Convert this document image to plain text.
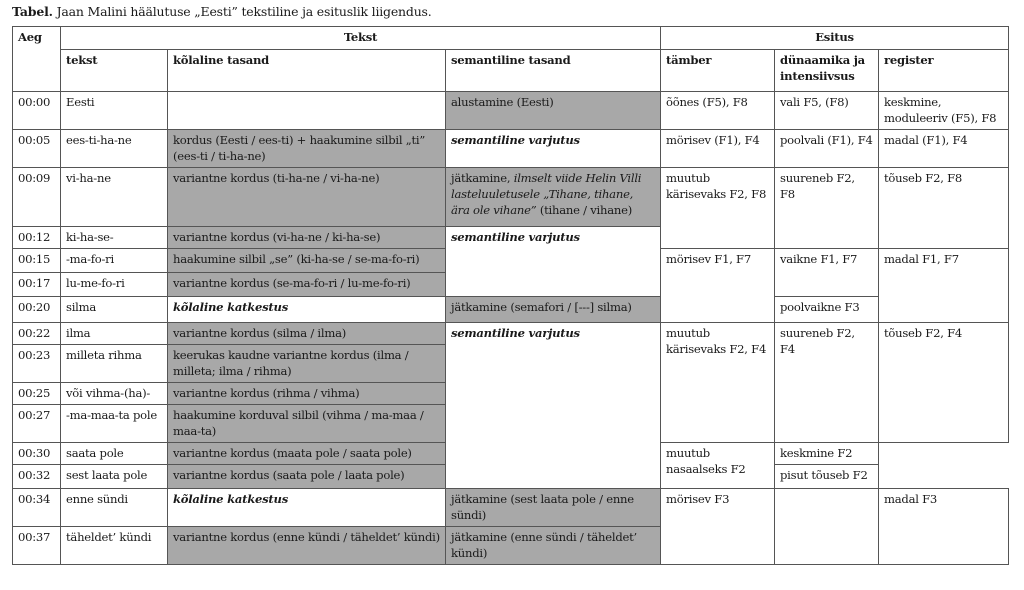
Tabel. Jaan Malini häälutuse „Eesti” tekstiline ja esituslik liigendus.
Aeg	Tekst			Esitus		
	tekst	kõlaline tasand	semantiline tasand	tämber	dünaamika ja intensiivsus	register
00:00	Eesti		alustamine (Eesti)	õõnes (F5), F8	vali F5, (F8)	keskmine, moduleeriv (F5), F8
00:05	ees-ti-ha-ne	kordus (Eesti / ees-ti) + haakumine silbil „ti” (ees-ti / ti-ha-ne)	semantiline varjutus	mörisev (F1), F4	poolvali (F1), F4	madal (F1), F4
00:09	vi-ha-ne	variantne kordus (ti-ha-ne / vi-ha-ne)	jätkamine, ilmselt viide Helin Villi lasteluuletusele „Tihane, tihane, ära ole vihane” (tihane / vihane)	muutub kärisevaks F2, F8	suureneb F2, F8	tõuseb F2, F8
00:12	ki-ha-se-	variantne kordus (vi-ha-ne / ki-ha-se)	semantiline varjutus			
00:15	-ma-fo-ri	haakumine silbil „se” (ki-ha-se / se-ma-fo-ri)		mörisev F1, F7	vaikne F1, F7	madal F1, F7
00:17	lu-me-fo-ri	variantne kordus (se-ma-fo-ri / lu-me-fo-ri)				
00:20	silma	kõlaline katkestus	jätkamine (semafori / [---] silma)		poolvaikne F3	
00:22	ilma	variantne kordus (silma / ilma)	semantiline varjutus	muutub kärisevaks F2, F4	suureneb F2, F4	tõuseb F2, F4
00:23	milleta rihma	keerukas kaudne variantne kordus (ilma / milleta; ilma / rihma)				
00:25	või vihma-(ha)-	variantne kordus (rihma / vihma)				
00:27	-ma-maa-ta pole	haakumine korduval silbil (vihma / ma-maa / maa-ta)				
00:30	saata pole	variantne kordus (maata pole / saata pole)		muutub nasaalseks F2	keskmine F2	
00:32	sest laata pole	variantne kordus (saata pole / laata pole)			pisut tõuseb F2	
00:34	enne sündi	kõlaline katkestus	jätkamine (sest laata pole / enne sündi)	mörisev F3		madal F3
00:37	täheldet’ kündi	variantne kordus (enne kündi / täheldet’ kündi)	jätkamine (enne sündi / täheldet’ kündi)			
